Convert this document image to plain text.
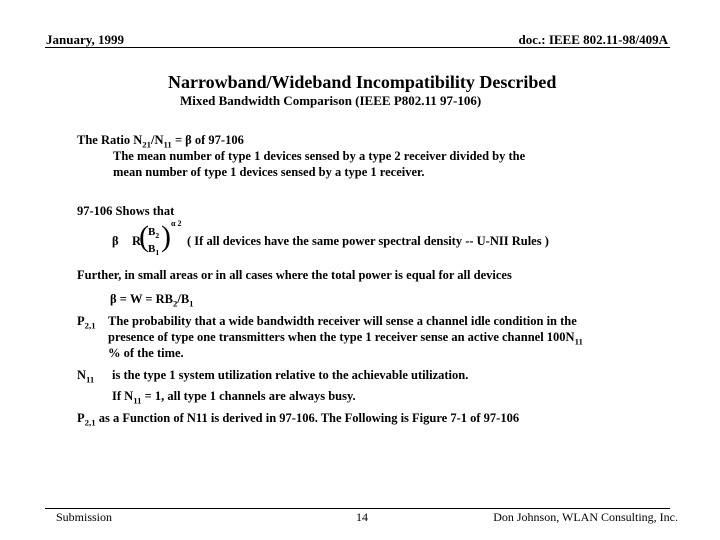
January, 1999	doc.: IEEE 802.11-98/409A
Narrowband/Wideband Incompatibility Described
Mixed Bandwidth Comparison (IEEE P802.11 97-106)
The Ratio $N_{21}/N_{11} = \beta$ of 97-106
The mean number of type 1 devices sensed by a type 2 receiver divided by the
mean number of type 1 devices sensed by a type 1 receiver.
97-106 Shows that
β R
( $B_2$
$B_1$ ) α 2
( If all devices have the same power spectral density -- U-NII Rules )
Further, in small areas or in all cases where the total power is equal for all devices
$\beta = W = RB_2/B_1$
$P_{2,1}$ The probability that a wide bandwidth receiver will sense a channel idle condition in the
presence of type one transmitters when the type 1 receiver sense an active channel $100N_{11}$
% of the time.
$N_{11}$ is the type 1 system utilization relative to the achievable utilization.
If $N_{11} = 1$, all type 1 channels are always busy.
$P_{2,1}$ as a Function of N11 is derived in 97-106. The Following is Figure 7-1 of 97-106
Submission	14	Don Johnson, WLAN Consulting, Inc.
